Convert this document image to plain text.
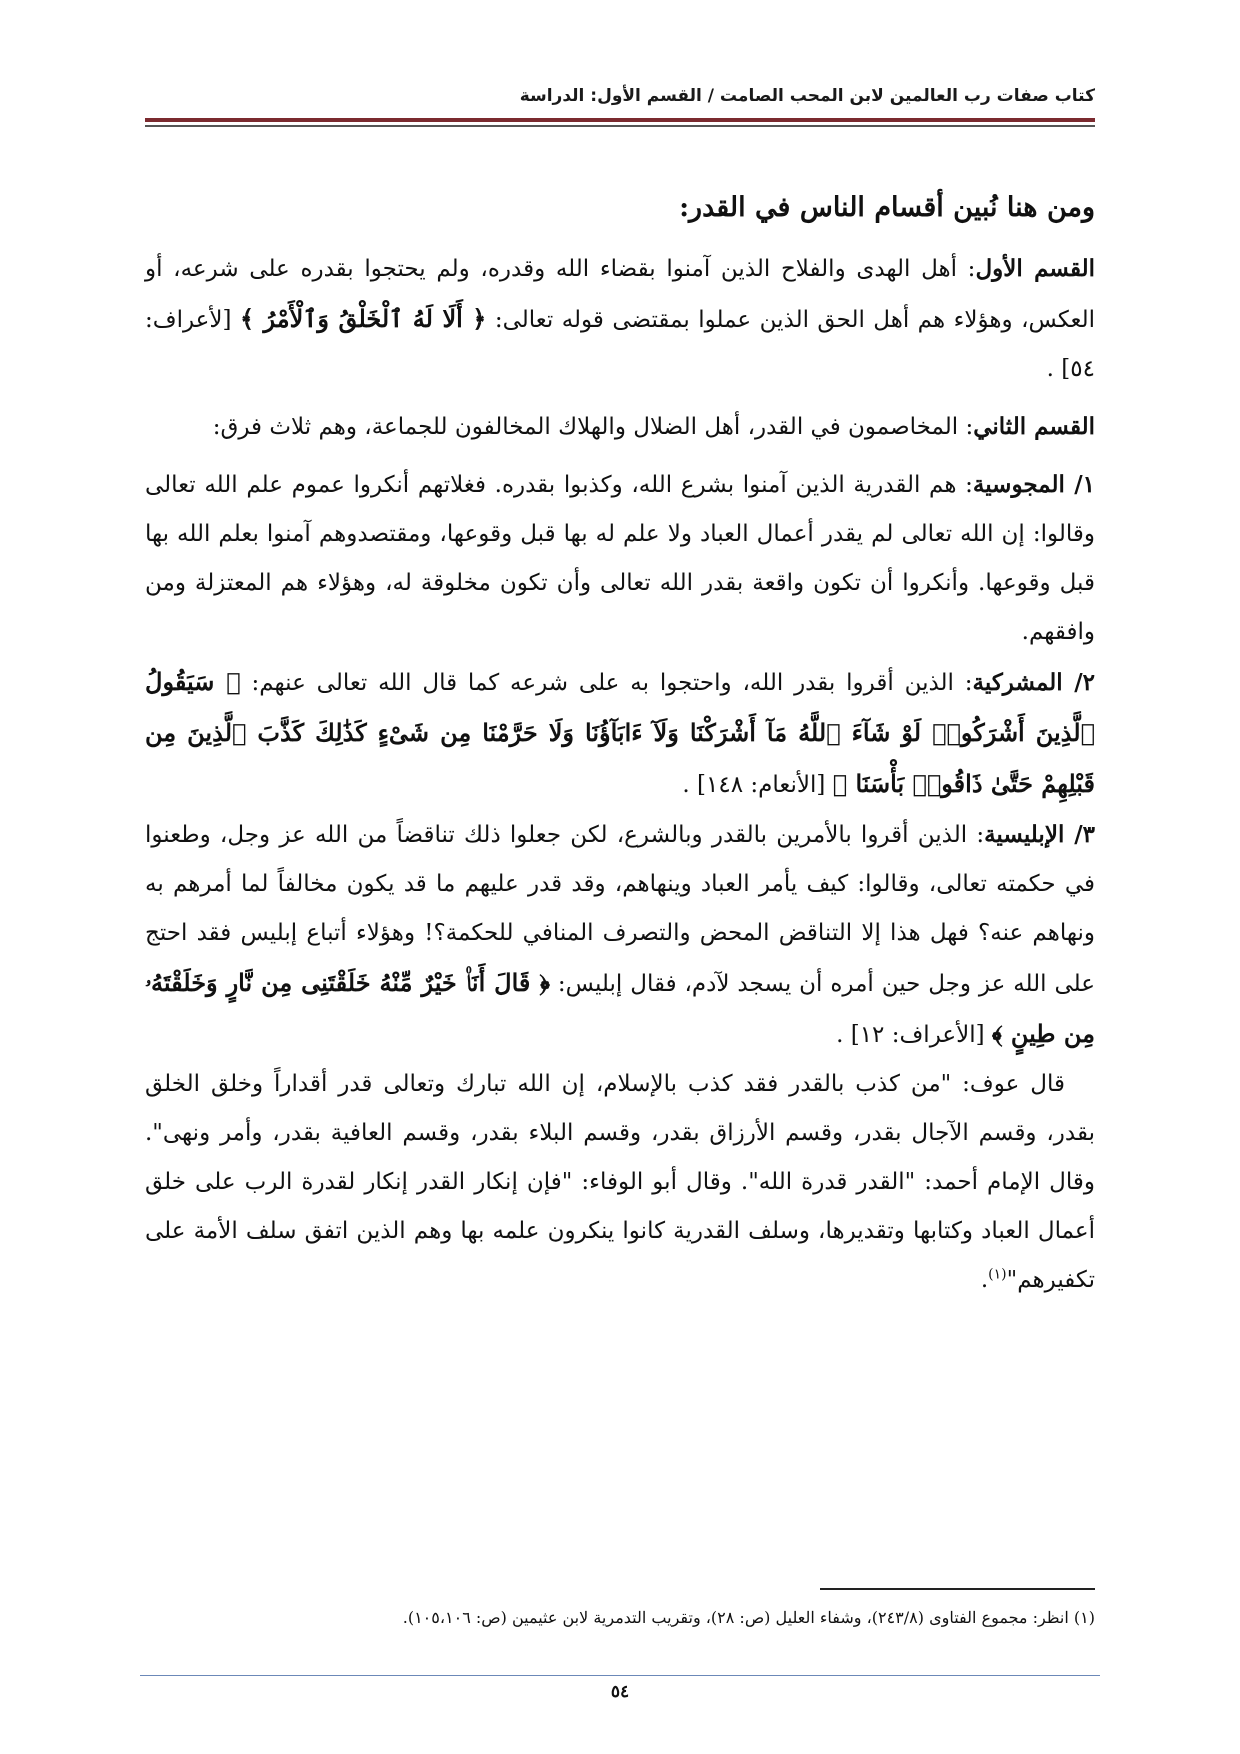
كتاب صفات رب العالمين لابن المحب الصامت / القسم الأول: الدراسة

ومن هنا نُبين أقسام الناس في القدر:

القسم الأول: أهل الهدى والفلاح الذين آمنوا بقضاء الله وقدره، ولم يحتجوا بقدره على شرعه، أو العكس، وهؤلاء هم أهل الحق الذين عملوا بمقتضى قوله تعالى: ﴿ أَلَا لَهُ ٱلْخَلْقُ وَٱلْأَمْرُ ﴾ [لأعراف: ٥٤] .

القسم الثاني: المخاصمون في القدر، أهل الضلال والهلاك المخالفون للجماعة، وهم ثلاث فرق:

١/ المجوسية: هم القدرية الذين آمنوا بشرع الله، وكذبوا بقدره. فغلاتهم أنكروا عموم علم الله تعالى وقالوا: إن الله تعالى لم يقدر أعمال العباد ولا علم له بها قبل وقوعها، ومقتصدوهم آمنوا بعلم الله بها قبل وقوعها. وأنكروا أن تكون واقعة بقدر الله تعالى وأن تكون مخلوقة له، وهؤلاء هم المعتزلة ومن وافقهم.

٢/ المشركية: الذين أقروا بقدر الله، واحتجوا به على شرعه كما قال الله تعالى عنهم: ﴿ سَيَقُولُ ٱلَّذِينَ أَشْرَكُوا۟ لَوْ شَآءَ ٱللَّهُ مَآ أَشْرَكْنَا وَلَآ ءَابَآؤُنَا وَلَا حَرَّمْنَا مِن شَىْءٍ كَذَٰلِكَ كَذَّبَ ٱلَّذِينَ مِن قَبْلِهِمْ حَتَّىٰ ذَاقُوا۟ بَأْسَنَا ﴾ [الأنعام: ١٤٨] .

٣/ الإبليسية: الذين أقروا بالأمرين بالقدر وبالشرع، لكن جعلوا ذلك تناقضاً من الله عز وجل، وطعنوا في حكمته تعالى، وقالوا: كيف يأمر العباد وينهاهم، وقد قدر عليهم ما قد يكون مخالفاً لما أمرهم به ونهاهم عنه؟ فهل هذا إلا التناقض المحض والتصرف المنافي للحكمة؟! وهؤلاء أتباع إبليس فقد احتج على الله عز وجل حين أمره أن يسجد لآدم، فقال إبليس: ﴿ قَالَ أَنَا۠ خَيْرٌ مِّنْهُ خَلَقْتَنِى مِن نَّارٍ وَخَلَقْتَهُۥ مِن طِينٍ ﴾ [الأعراف: ١٢] .

قال عوف: "من كذب بالقدر فقد كذب بالإسلام، إن الله تبارك وتعالى قدر أقداراً وخلق الخلق بقدر، وقسم الآجال بقدر، وقسم الأرزاق بقدر، وقسم البلاء بقدر، وقسم العافية بقدر، وأمر ونهى". وقال الإمام أحمد: "القدر قدرة الله". وقال أبو الوفاء: "فإن إنكار القدر إنكار لقدرة الرب على خلق أعمال العباد وكتابها وتقديرها، وسلف القدرية كانوا ينكرون علمه بها وهم الذين اتفق سلف الأمة على تكفيرهم"$^{(١)}$.

(١) انظر: مجموع الفتاوى (٢٤٣/٨)، وشفاء العليل (ص: ٢٨)، وتقريب التدمرية لابن عثيمين (ص: ١٠٥،١٠٦).
٥٤
